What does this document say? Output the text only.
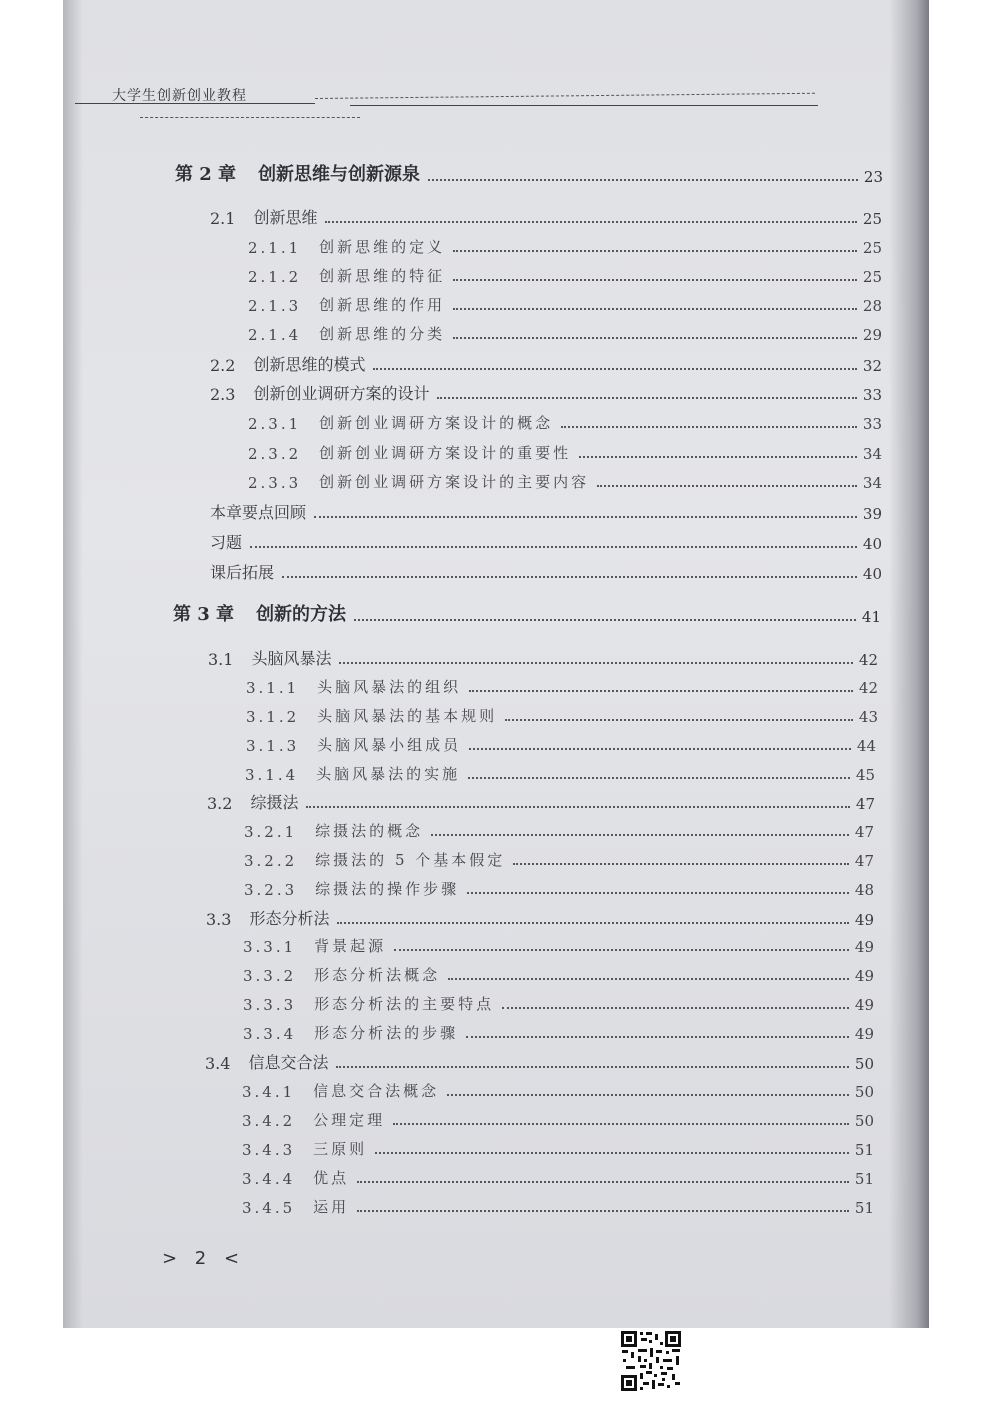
大学生创新创业教程
第 2 章 创新思维与创新源泉	23
2.1 创新思维	25
2.1.1 创新思维的定义	25
2.1.2 创新思维的特征	25
2.1.3 创新思维的作用	28
2.1.4 创新思维的分类	29
2.2 创新思维的模式	32
2.3 创新创业调研方案的设计	33
2.3.1 创新创业调研方案设计的概念	33
2.3.2 创新创业调研方案设计的重要性	34
2.3.3 创新创业调研方案设计的主要内容	34
本章要点回顾	39
习题	40
课后拓展	40
第 3 章 创新的方法	41
3.1 头脑风暴法	42
3.1.1 头脑风暴法的组织	42
3.1.2 头脑风暴法的基本规则	43
3.1.3 头脑风暴小组成员	44
3.1.4 头脑风暴法的实施	45
3.2 综摄法	47
3.2.1 综摄法的概念	47
3.2.2 综摄法的 5 个基本假定	47
3.2.3 综摄法的操作步骤	48
3.3 形态分析法	49
3.3.1 背景起源	49
3.3.2 形态分析法概念	49
3.3.3 形态分析法的主要特点	49
3.3.4 形态分析法的步骤	49
3.4 信息交合法	50
3.4.1 信息交合法概念	50
3.4.2 公理定理	50
3.4.3 三原则	51
3.4.4 优点	51
3.4.5 运用	51
> 2 <
